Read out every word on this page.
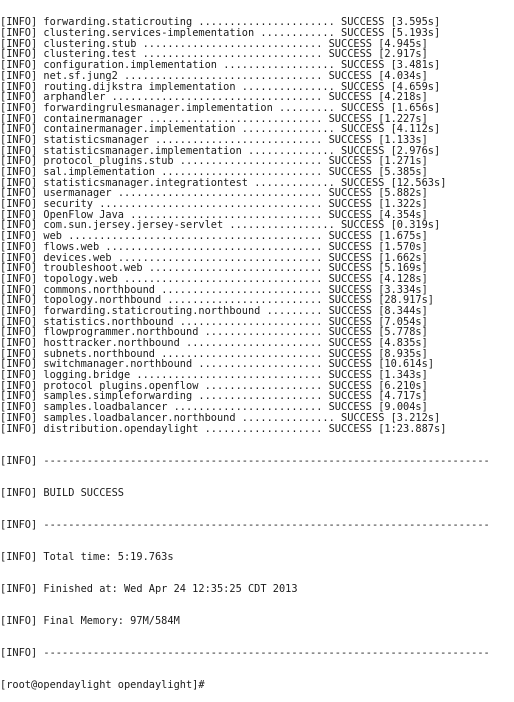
[INFO] forwarding.staticrouting ...................... SUCCESS [3.595s]
[INFO] clustering.services-implementation ............ SUCCESS [5.193s]
[INFO] clustering.stub ............................. SUCCESS [4.945s]
[INFO] clustering.test ............................. SUCCESS [2.917s]
[INFO] configuration.implementation .................. SUCCESS [3.481s]
[INFO] net.sf.jung2 ................................ SUCCESS [4.034s]
[INFO] routing.dijkstra_implementation ............... SUCCESS [4.659s]
[INFO] arphandler .................................. SUCCESS [4.218s]
[INFO] forwardingrulesmanager.implementation ......... SUCCESS [1.656s]
[INFO] containermanager ............................ SUCCESS [1.227s]
[INFO] containermanager.implementation ............... SUCCESS [4.112s]
[INFO] statisticsmanager ........................... SUCCESS [1.133s]
[INFO] statisticsmanager.implementation .............. SUCCESS [2.976s]
[INFO] protocol_plugins.stub ....................... SUCCESS [1.271s]
[INFO] sal.implementation .......................... SUCCESS [5.385s]
[INFO] statisticsmanager.integrationtest ............. SUCCESS [12.563s]
[INFO] usermanager ................................. SUCCESS [5.882s]
[INFO] security .................................... SUCCESS [1.322s]
[INFO] OpenFlow Java ............................... SUCCESS [4.354s]
[INFO] com.sun.jersey.jersey-servlet ................. SUCCESS [0.319s]
[INFO] web ......................................... SUCCESS [1.675s]
[INFO] flows.web ................................... SUCCESS [1.570s]
[INFO] devices.web ................................. SUCCESS [1.662s]
[INFO] troubleshoot.web ............................ SUCCESS [5.169s]
[INFO] topology.web ................................ SUCCESS [4.128s]
[INFO] commons.northbound .......................... SUCCESS [3.334s]
[INFO] topology.northbound ......................... SUCCESS [28.917s]
[INFO] forwarding.staticrouting.northbound ......... SUCCESS [8.344s]
[INFO] statistics.northbound ....................... SUCCESS [7.054s]
[INFO] flowprogrammer.northbound ................... SUCCESS [5.778s]
[INFO] hosttracker.northbound ...................... SUCCESS [4.835s]
[INFO] subnets.northbound .......................... SUCCESS [8.935s]
[INFO] switchmanager.northbound .................... SUCCESS [10.614s]
[INFO] logging.bridge .............................. SUCCESS [1.343s]
[INFO] protocol_plugins.openflow ................... SUCCESS [6.210s]
[INFO] samples.simpleforwarding .................... SUCCESS [4.717s]
[INFO] samples.loadbalancer ........................ SUCCESS [9.004s]
[INFO] samples.loadbalancer.northbound ............... SUCCESS [3.212s]
[INFO] distribution.opendaylight ................... SUCCESS [1:23.887s]

[INFO] ------------------------------------------------------------------------

[INFO] BUILD SUCCESS

[INFO] ------------------------------------------------------------------------

[INFO] Total time: 5:19.763s

[INFO] Finished at: Wed Apr 24 12:35:25 CDT 2013

[INFO] Final Memory: 97M/584M

[INFO] ------------------------------------------------------------------------

[root@opendaylight opendaylight]#
